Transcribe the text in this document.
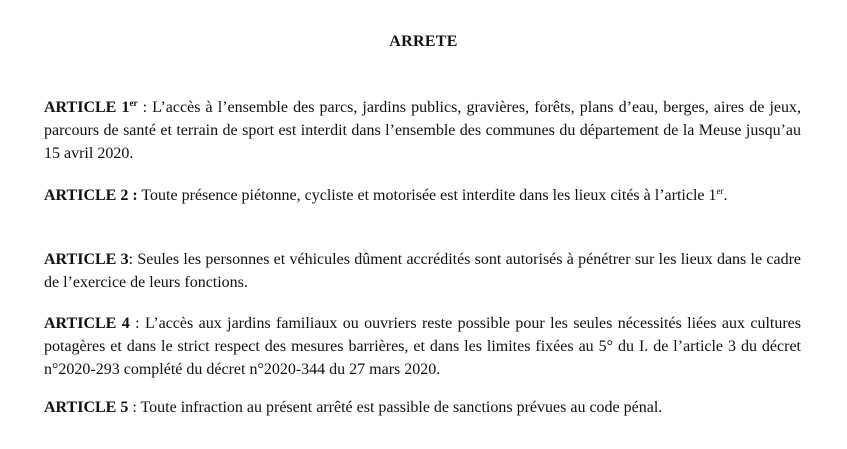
ARRETE

ARTICLE 1er : L’accès à l’ensemble des parcs, jardins publics, gravières, forêts, plans d’eau, berges, aires de jeux, parcours de santé et terrain de sport est interdit dans l’ensemble des communes du département de la Meuse jusqu’au 15 avril 2020.

ARTICLE 2 : Toute présence piétonne, cycliste et motorisée est interdite dans les lieux cités à l’article 1er.

ARTICLE 3: Seules les personnes et véhicules dûment accrédités sont autorisés à pénétrer sur les lieux dans le cadre de l’exercice de leurs fonctions.

ARTICLE 4 : L’accès aux jardins familiaux ou ouvriers reste possible pour les seules nécessités liées aux cultures potagères et dans le strict respect des mesures barrières, et dans les limites fixées au 5° du I. de l’article 3 du décret n°2020-293 complété du décret n°2020-344 du 27 mars 2020.

ARTICLE 5 : Toute infraction au présent arrêté est passible de sanctions prévues au code pénal.
